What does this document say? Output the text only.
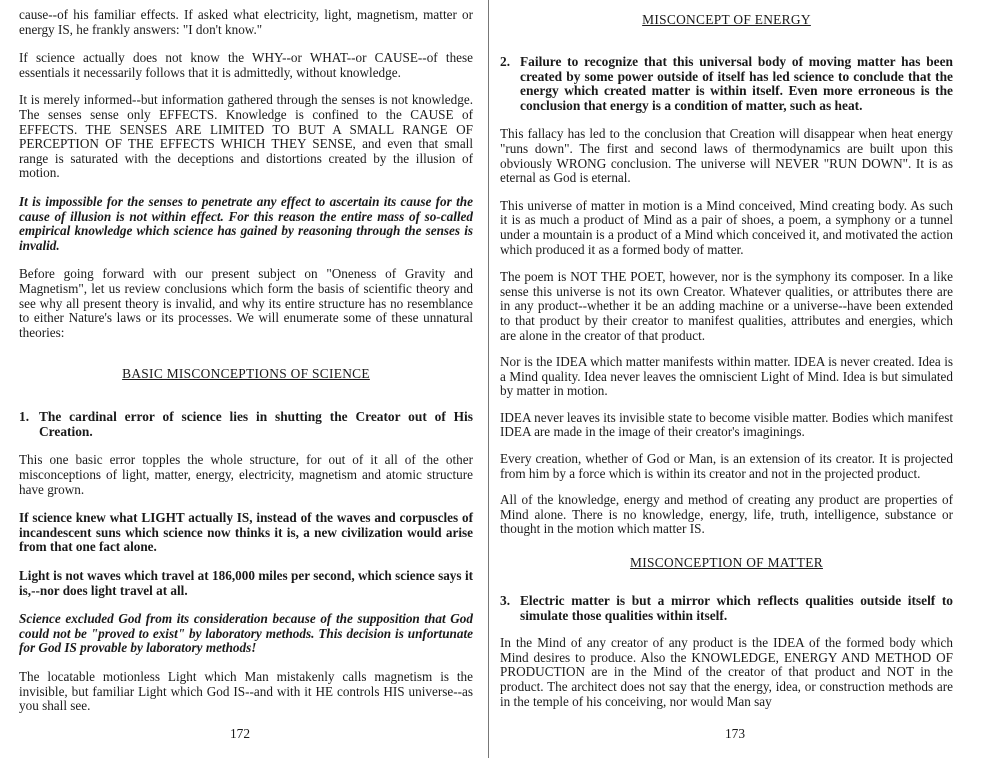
cause--of his familiar effects. If asked what electricity, light, magnetism, matter or energy IS, he frankly answers: "I don't know."

If science actually does not know the WHY--or WHAT--or CAUSE--of these essentials it necessarily follows that it is admittedly, without knowledge.

It is merely informed--but information gathered through the senses is not knowledge. The senses sense only EFFECTS. Knowledge is confined to the CAUSE of EFFECTS. THE SENSES ARE LIMITED TO BUT A SMALL RANGE OF PERCEPTION OF THE EFFECTS WHICH THEY SENSE, and even that small range is saturated with the deceptions and distortions created by the illusion of motion.

It is impossible for the senses to penetrate any effect to ascertain its cause for the cause of illusion is not within effect. For this reason the entire mass of so-called empirical knowledge which science has gained by reasoning through the senses is invalid.

Before going forward with our present subject on "Oneness of Gravity and Magnetism", let us review conclusions which form the basis of scientific theory and see why all present theory is invalid, and why its entire structure has no resemblance to either Nature's laws or its processes. We will enumerate some of these unnatural theories:

BASIC MISCONCEPTIONS OF SCIENCE

1. The cardinal error of science lies in shutting the Creator out of His Creation.

This one basic error topples the whole structure, for out of it all of the other misconceptions of light, matter, energy, electricity, magnetism and atomic structure have grown.

If science knew what LIGHT actually IS, instead of the waves and corpuscles of incandescent suns which science now thinks it is, a new civilization would arise from that one fact alone.

Light is not waves which travel at 186,000 miles per second, which science says it is,--nor does light travel at all.

Science excluded God from its consideration because of the supposition that God could not be "proved to exist" by laboratory methods. This decision is unfortunate for God IS provable by laboratory methods!

The locatable motionless Light which Man mistakenly calls magnetism is the invisible, but familiar Light which God IS--and with it HE controls HIS universe--as you shall see.

172

MISCONCEPT OF ENERGY

2. Failure to recognize that this universal body of moving matter has been created by some power outside of itself has led science to conclude that the energy which created matter is within itself. Even more erroneous is the conclusion that energy is a condition of matter, such as heat.

This fallacy has led to the conclusion that Creation will disappear when heat energy "runs down". The first and second laws of thermodynamics are built upon this obviously WRONG conclusion. The universe will NEVER "RUN DOWN". It is as eternal as God is eternal.

This universe of matter in motion is a Mind conceived, Mind creating body. As such it is as much a product of Mind as a pair of shoes, a poem, a symphony or a tunnel under a mountain is a product of a Mind which conceived it, and motivated the action which produced it as a formed body of matter.

The poem is NOT THE POET, however, nor is the symphony its composer. In a like sense this universe is not its own Creator. Whatever qualities, or attributes there are in any product--whether it be an adding machine or a universe--have been extended to that product by their creator to manifest qualities, attributes and energies, which are alone in the creator of that product.

Nor is the IDEA which matter manifests within matter. IDEA is never created. Idea is a Mind quality. Idea never leaves the omniscient Light of Mind. Idea is but simulated by matter in motion.

IDEA never leaves its invisible state to become visible matter. Bodies which manifest IDEA are made in the image of their creator's imaginings.

Every creation, whether of God or Man, is an extension of its creator. It is projected from him by a force which is within its creator and not in the projected product.

All of the knowledge, energy and method of creating any product are properties of Mind alone. There is no knowledge, energy, life, truth, intelligence, substance or thought in the motion which matter IS.

MISCONCEPTION OF MATTER

3. Electric matter is but a mirror which reflects qualities outside itself to simulate those qualities within itself.

In the Mind of any creator of any product is the IDEA of the formed body which Mind desires to produce. Also the KNOWLEDGE, ENERGY AND METHOD OF PRODUCTION are in the Mind of the creator of that product and NOT in the product. The architect does not say that the energy, idea, or construction methods are in the temple of his conceiving, nor would Man say

173
